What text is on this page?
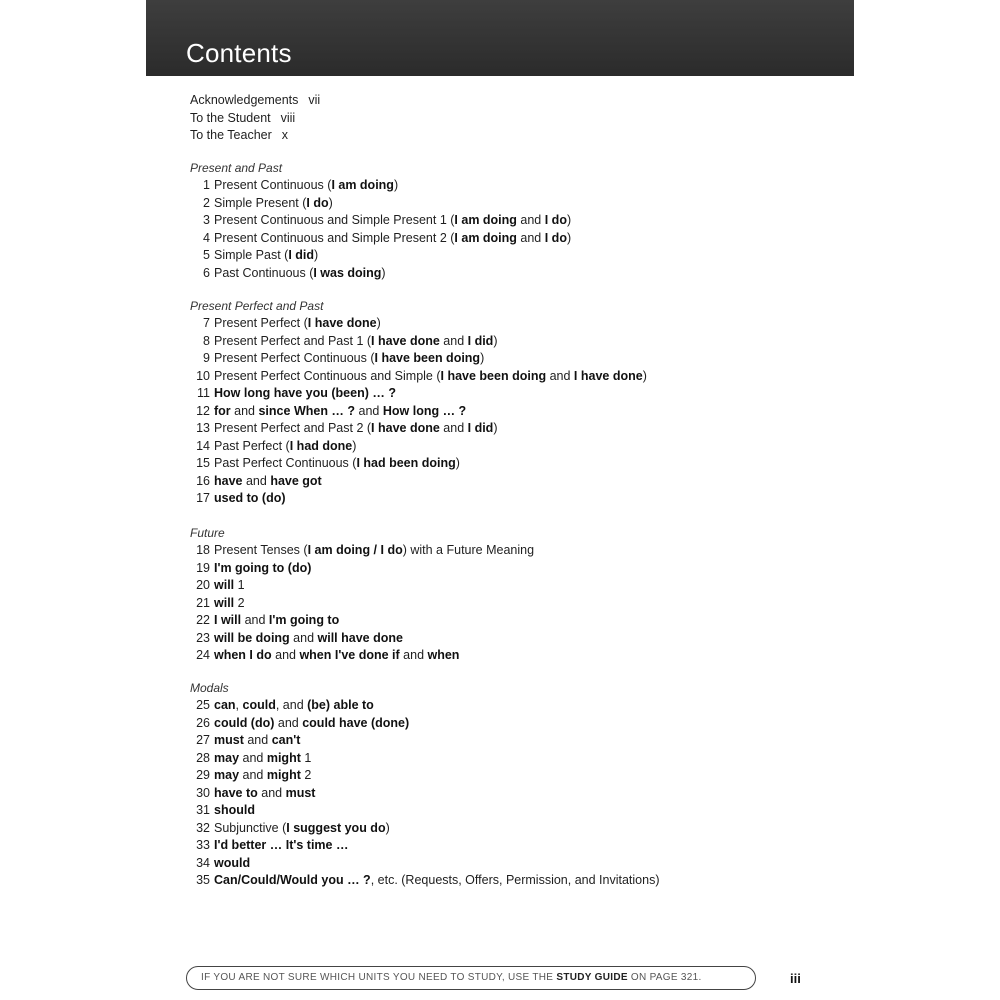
Contents
Acknowledgements vii
To the Student viii
To the Teacher x
Present and Past
1 Present Continuous (I am doing)
2 Simple Present (I do)
3 Present Continuous and Simple Present 1 (I am doing and I do)
4 Present Continuous and Simple Present 2 (I am doing and I do)
5 Simple Past (I did)
6 Past Continuous (I was doing)
Present Perfect and Past
7 Present Perfect (I have done)
8 Present Perfect and Past 1 (I have done and I did)
9 Present Perfect Continuous (I have been doing)
10 Present Perfect Continuous and Simple (I have been doing and I have done)
11 How long have you (been) … ?
12 for and since When … ? and How long … ?
13 Present Perfect and Past 2 (I have done and I did)
14 Past Perfect (I had done)
15 Past Perfect Continuous (I had been doing)
16 have and have got
17 used to (do)
Future
18 Present Tenses (I am doing / I do) with a Future Meaning
19 I'm going to (do)
20 will 1
21 will 2
22 I will and I'm going to
23 will be doing and will have done
24 when I do and when I've done if and when
Modals
25 can, could, and (be) able to
26 could (do) and could have (done)
27 must and can't
28 may and might 1
29 may and might 2
30 have to and must
31 should
32 Subjunctive (I suggest you do)
33 I'd better … It's time …
34 would
35 Can/Could/Would you … ?, etc. (Requests, Offers, Permission, and Invitations)
IF YOU ARE NOT SURE WHICH UNITS YOU NEED TO STUDY, USE THE STUDY GUIDE ON PAGE 321.	iii
